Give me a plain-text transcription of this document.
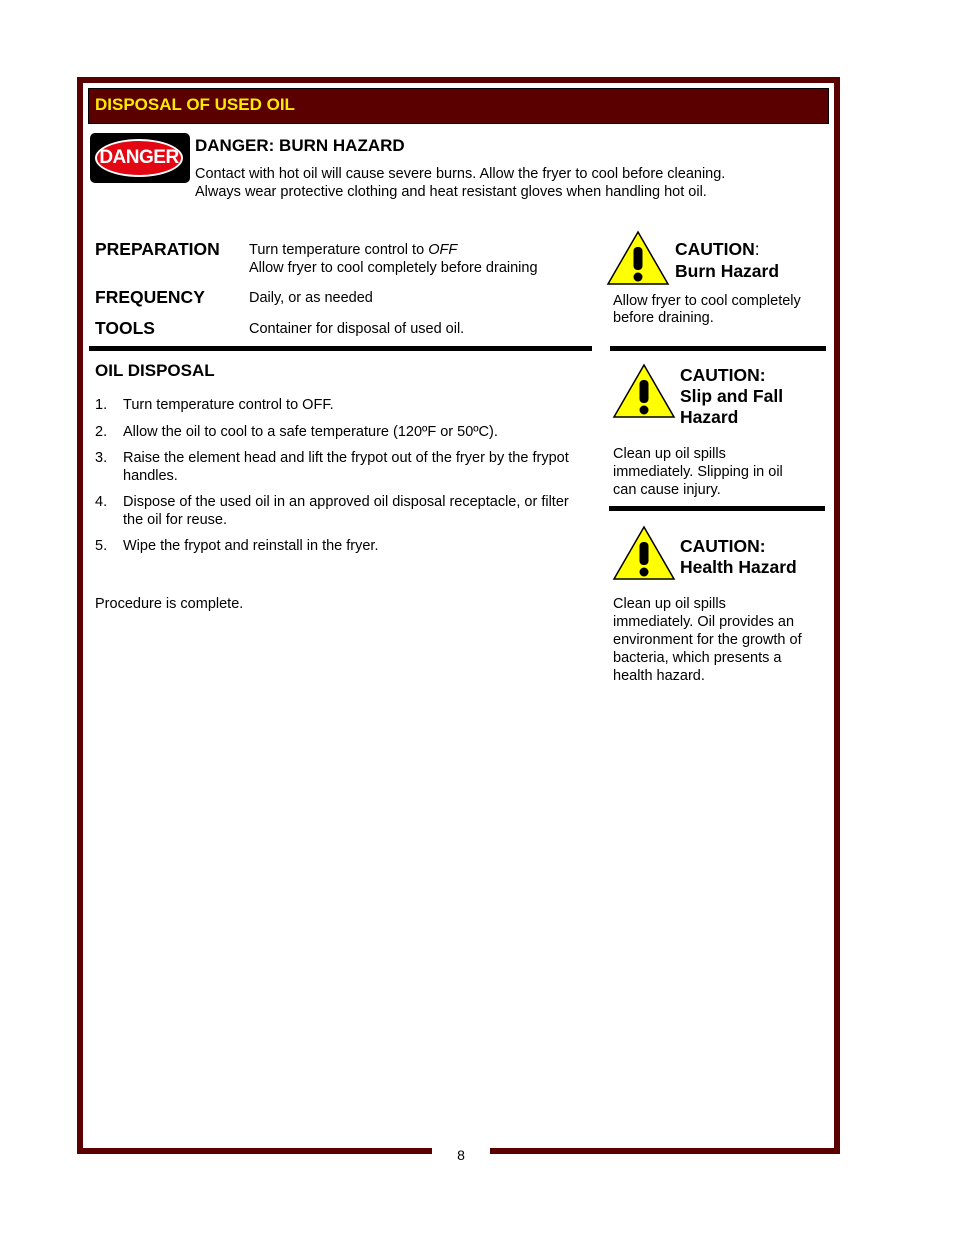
8
DISPOSAL OF USED OIL
DANGER
DANGER: BURN HAZARD
Contact with hot oil will cause severe burns. Allow the fryer to cool before cleaning.
Always wear protective clothing and heat resistant gloves when handling hot oil.
PREPARATION Turn temperature control to OFF
Allow fryer to cool completely before draining
FREQUENCY	Daily, or as needed
TOOLS	Container for disposal of used oil.
OIL DISPOSAL
1. Turn temperature control to OFF.
2. Allow the oil to cool to a safe temperature (120ºF or 50ºC).
3. Raise the element head and lift the frypot out of the fryer by the frypot handles.
4. Dispose of the used oil in an approved oil disposal receptacle, or filter the oil for reuse.
5. Wipe the frypot and reinstall in the fryer.
Procedure is complete.
CAUTION:
Burn Hazard
Allow fryer to cool completely
before draining.
CAUTION:
Slip and Fall
Hazard
Clean up oil spills
immediately. Slipping in oil
can cause injury.
CAUTION:
Health Hazard
Clean up oil spills
immediately. Oil provides an
environment for the growth of
bacteria, which presents a
health hazard.
